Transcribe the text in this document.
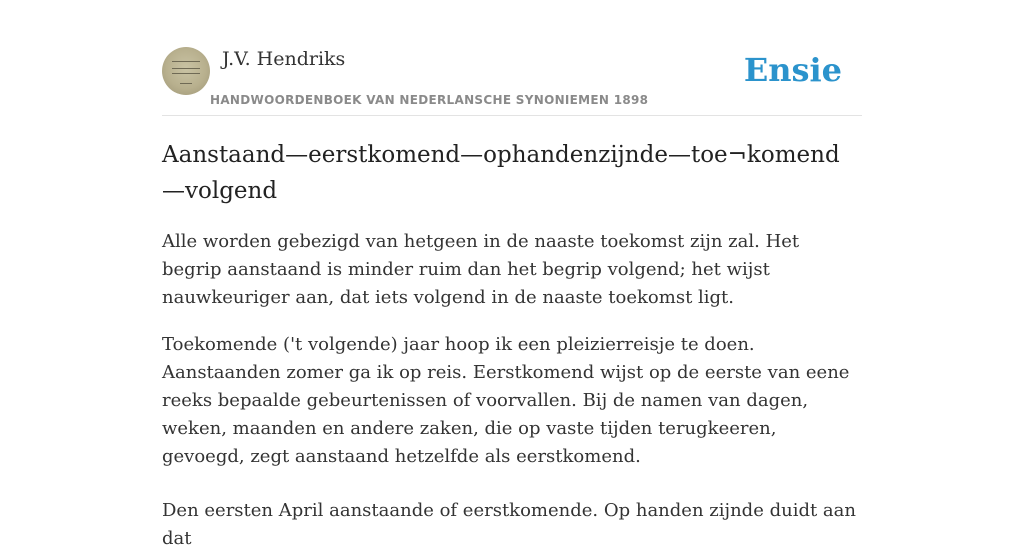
J.V. Hendriks
HANDWOORDENBOEK VAN NEDERLANSCHE SYNONIEMEN 1898
Ensie
Aanstaand—eerstkomend—ophandenzijnde—toe¬komend—volgend

Alle worden gebezigd van hetgeen in de naaste toekomst zijn zal. Het begrip aanstaand is minder ruim dan het begrip volgend; het wijst nauwkeuriger aan, dat iets volgend in de naaste toekomst ligt.

Toekomende ('t volgende) jaar hoop ik een pleizierreisje te doen. Aanstaanden zomer ga ik op reis. Eerstkomend wijst op de eerste van eene reeks bepaalde gebeurtenissen of voorvallen. Bij de namen van dagen, weken, maanden en andere zaken, die op vaste tijden terugkeeren, gevoegd, zegt aanstaand hetzelfde als eerstkomend.

Den eersten April aanstaande of eerstkomende. Op handen zijnde duidt aan dat
